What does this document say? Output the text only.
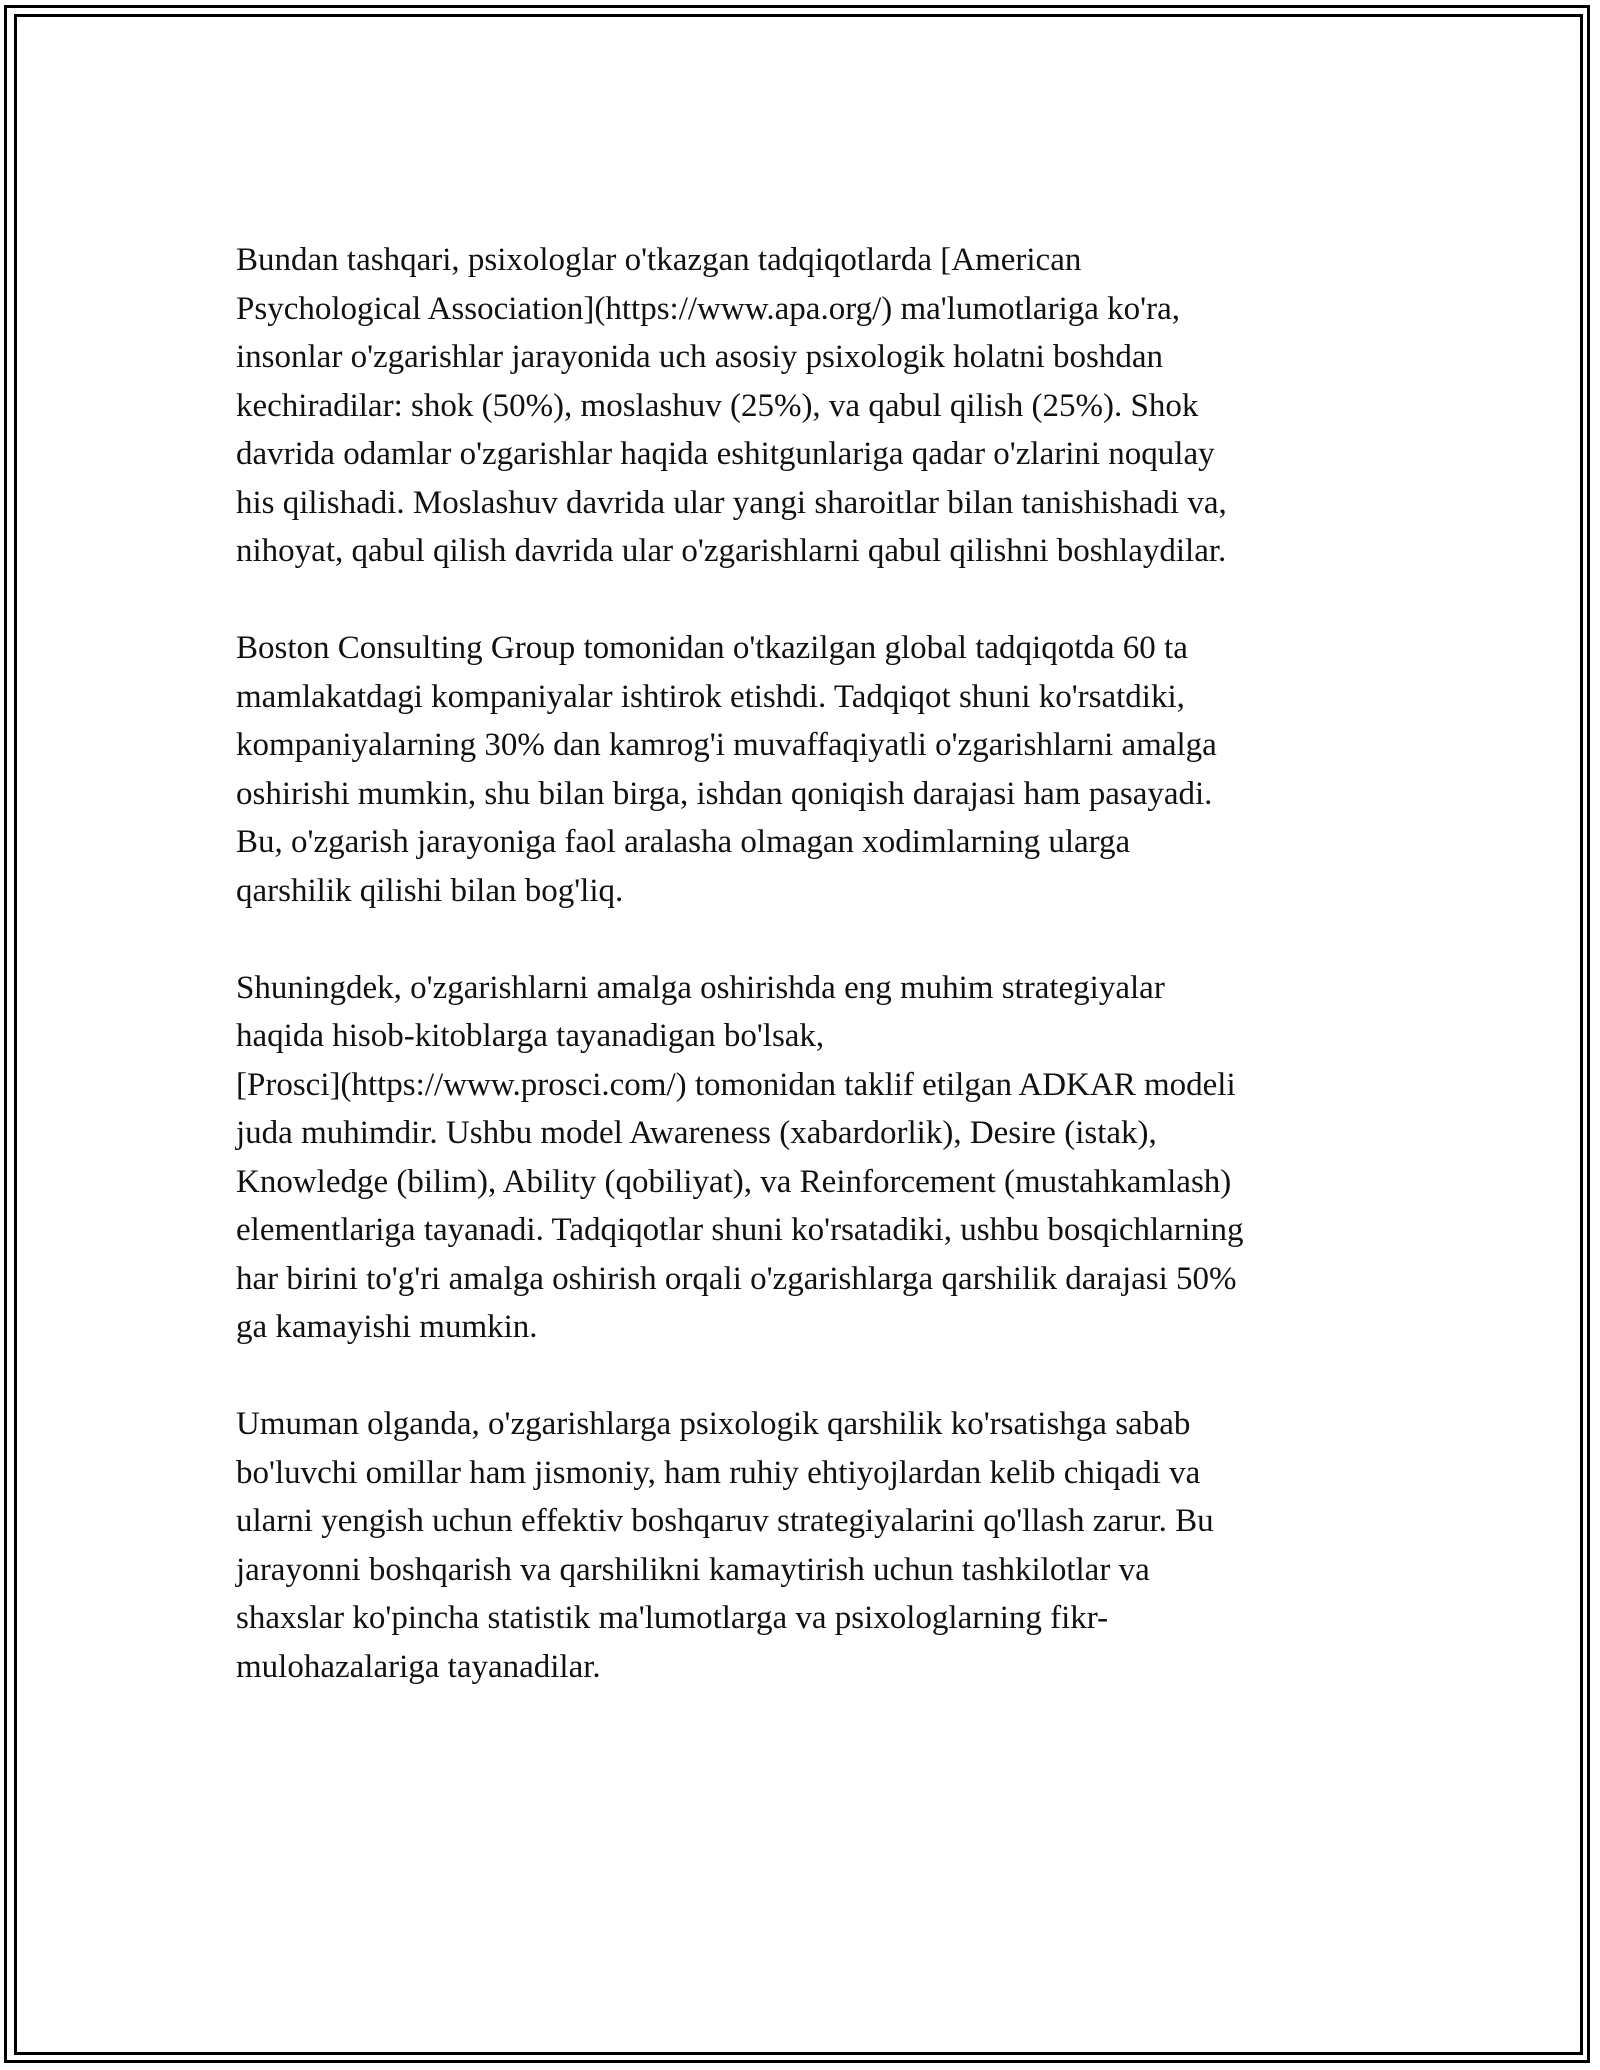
Bundan tashqari, psixologlar o'tkazgan tadqiqotlarda [American
Psychological Association](https://www.apa.org/) ma'lumotlariga ko'ra,
insonlar o'zgarishlar jarayonida uch asosiy psixologik holatni boshdan
kechiradilar: shok (50%), moslashuv (25%), va qabul qilish (25%). Shok
davrida odamlar o'zgarishlar haqida eshitgunlariga qadar o'zlarini noqulay
his qilishadi. Moslashuv davrida ular yangi sharoitlar bilan tanishishadi va,
nihoyat, qabul qilish davrida ular o'zgarishlarni qabul qilishni boshlaydilar.

Boston Consulting Group tomonidan o'tkazilgan global tadqiqotda 60 ta
mamlakatdagi kompaniyalar ishtirok etishdi. Tadqiqot shuni ko'rsatdiki,
kompaniyalarning 30% dan kamrog'i muvaffaqiyatli o'zgarishlarni amalga
oshirishi mumkin, shu bilan birga, ishdan qoniqish darajasi ham pasayadi.
Bu, o'zgarish jarayoniga faol aralasha olmagan xodimlarning ularga
qarshilik qilishi bilan bog'liq.

Shuningdek, o'zgarishlarni amalga oshirishda eng muhim strategiyalar
haqida hisob-kitoblarga tayanadigan bo'lsak,
[Prosci](https://www.prosci.com/) tomonidan taklif etilgan ADKAR modeli
juda muhimdir. Ushbu model Awareness (xabardorlik), Desire (istak),
Knowledge (bilim), Ability (qobiliyat), va Reinforcement (mustahkamlash)
elementlariga tayanadi. Tadqiqotlar shuni ko'rsatadiki, ushbu bosqichlarning
har birini to'g'ri amalga oshirish orqali o'zgarishlarga qarshilik darajasi 50%
ga kamayishi mumkin.

Umuman olganda, o'zgarishlarga psixologik qarshilik ko'rsatishga sabab
bo'luvchi omillar ham jismoniy, ham ruhiy ehtiyojlardan kelib chiqadi va
ularni yengish uchun effektiv boshqaruv strategiyalarini qo'llash zarur. Bu
jarayonni boshqarish va qarshilikni kamaytirish uchun tashkilotlar va
shaxslar ko'pincha statistik ma'lumotlarga va psixologlarning fikr-
mulohazalariga tayanadilar.
